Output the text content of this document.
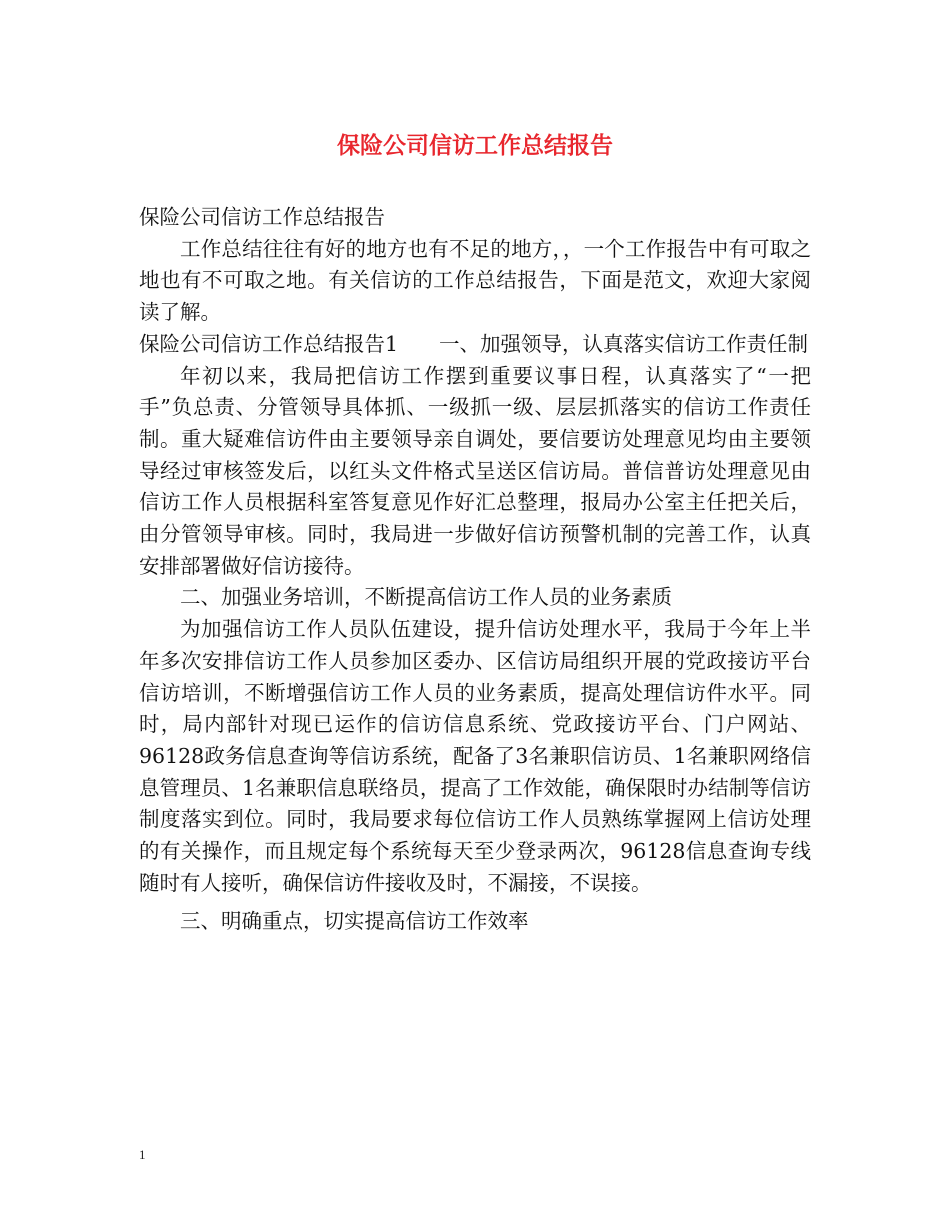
保险公司信访工作总结报告

保险公司信访工作总结报告

工作总结往往有好的地方也有不足的地方，，一个工作报告中有可取之地也有不可取之地。有关信访的工作总结报告，下面是范文，欢迎大家阅读了解。

保险公司信访工作总结报告1　　一、加强领导，认真落实信访工作责任制

年初以来，我局把信访工作摆到重要议事日程，认真落实了“一把手”负总责、分管领导具体抓、一级抓一级、层层抓落实的信访工作责任制。重大疑难信访件由主要领导亲自调处，要信要访处理意见均由主要领导经过审核签发后，以红头文件格式呈送区信访局。普信普访处理意见由信访工作人员根据科室答复意见作好汇总整理，报局办公室主任把关后，由分管领导审核。同时，我局进一步做好信访预警机制的完善工作，认真安排部署做好信访接待。

二、加强业务培训，不断提高信访工作人员的业务素质

为加强信访工作人员队伍建设，提升信访处理水平，我局于今年上半年多次安排信访工作人员参加区委办、区信访局组织开展的党政接访平台信访培训，不断增强信访工作人员的业务素质，提高处理信访件水平。同时，局内部针对现已运作的信访信息系统、党政接访平台、门户网站、96128政务信息查询等信访系统，配备了3名兼职信访员、1名兼职网络信息管理员、1名兼职信息联络员，提高了工作效能，确保限时办结制等信访制度落实到位。同时，我局要求每位信访工作人员熟练掌握网上信访处理的有关操作，而且规定每个系统每天至少登录两次，96128信息查询专线随时有人接听，确保信访件接收及时，不漏接，不误接。

三、明确重点，切实提高信访工作效率

1
